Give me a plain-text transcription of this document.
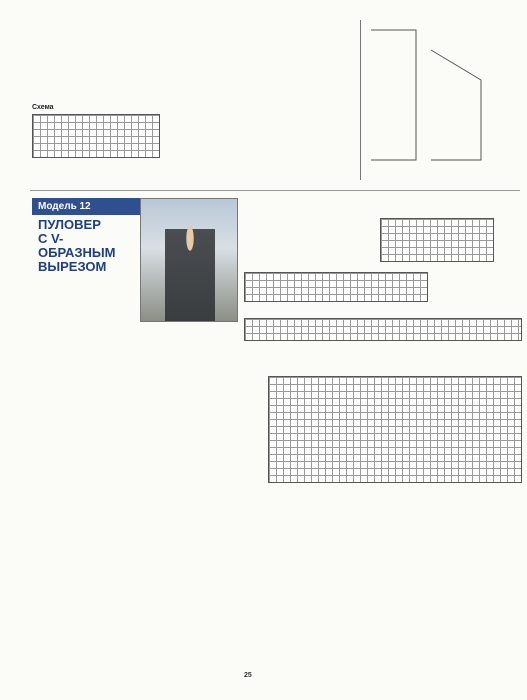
Схема
Модель 12
ПУЛОВЕР
С V-ОБРАЗНЫМ
ВЫРЕЗОМ
25
